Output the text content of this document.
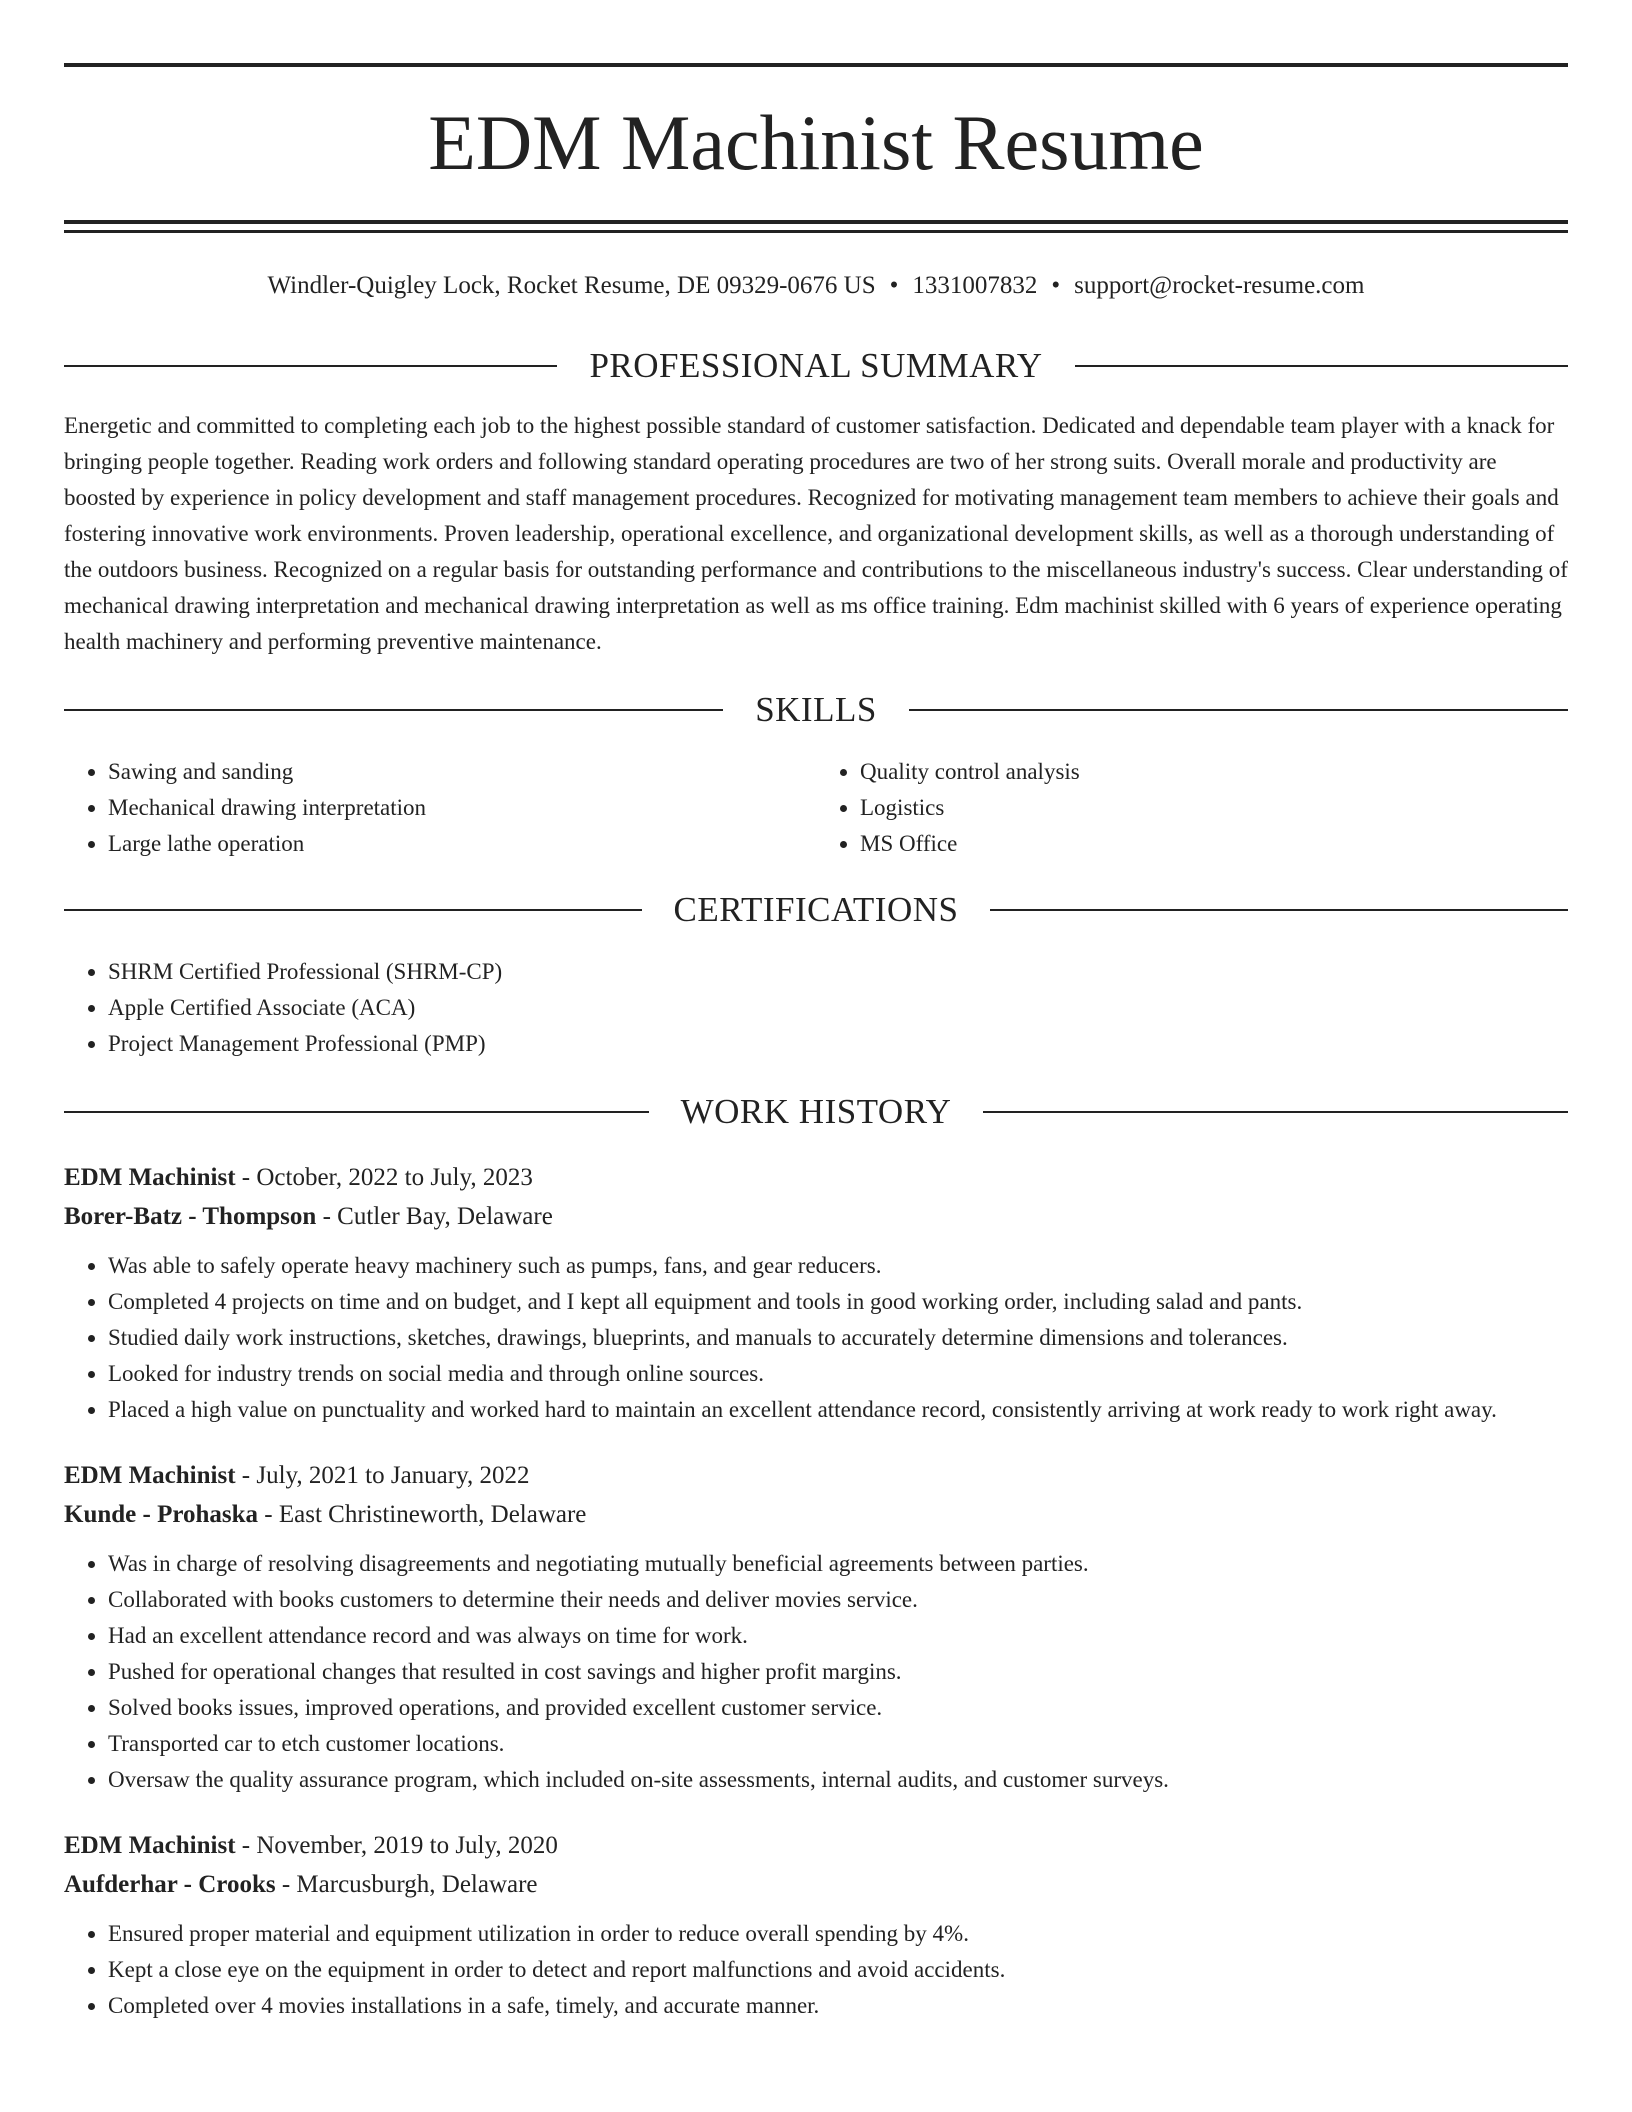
EDM Machinist Resume
Windler-Quigley Lock, Rocket Resume, DE 09329-0676 US • 1331007832 • support@rocket-resume.com
PROFESSIONAL SUMMARY

Energetic and committed to completing each job to the highest possible standard of customer satisfaction. Dedicated and dependable team player with a knack for bringing people together. Reading work orders and following standard operating procedures are two of her strong suits. Overall morale and productivity are boosted by experience in policy development and staff management procedures. Recognized for motivating management team members to achieve their goals and fostering innovative work environments. Proven leadership, operational excellence, and organizational development skills, as well as a thorough understanding of the outdoors business. Recognized on a regular basis for outstanding performance and contributions to the miscellaneous industry's success. Clear understanding of mechanical drawing interpretation and mechanical drawing interpretation as well as ms office training. Edm machinist skilled with 6 years of experience operating health machinery and performing preventive maintenance.

SKILLS
• Sawing and sanding
• Mechanical drawing interpretation
• Large lathe operation
• Quality control analysis
• Logistics
• MS Office
CERTIFICATIONS
• SHRM Certified Professional (SHRM-CP)
• Apple Certified Associate (ACA)
• Project Management Professional (PMP)
WORK HISTORY
EDM Machinist - October, 2022 to July, 2023
Borer-Batz - Thompson - Cutler Bay, Delaware
• Was able to safely operate heavy machinery such as pumps, fans, and gear reducers.
• Completed 4 projects on time and on budget, and I kept all equipment and tools in good working order, including salad and pants.
• Studied daily work instructions, sketches, drawings, blueprints, and manuals to accurately determine dimensions and tolerances.
• Looked for industry trends on social media and through online sources.
• Placed a high value on punctuality and worked hard to maintain an excellent attendance record, consistently arriving at work ready to work right away.
EDM Machinist - July, 2021 to January, 2022
Kunde - Prohaska - East Christineworth, Delaware
• Was in charge of resolving disagreements and negotiating mutually beneficial agreements between parties.
• Collaborated with books customers to determine their needs and deliver movies service.
• Had an excellent attendance record and was always on time for work.
• Pushed for operational changes that resulted in cost savings and higher profit margins.
• Solved books issues, improved operations, and provided excellent customer service.
• Transported car to etch customer locations.
• Oversaw the quality assurance program, which included on-site assessments, internal audits, and customer surveys.
EDM Machinist - November, 2019 to July, 2020
Aufderhar - Crooks - Marcusburgh, Delaware
• Ensured proper material and equipment utilization in order to reduce overall spending by 4%.
• Kept a close eye on the equipment in order to detect and report malfunctions and avoid accidents.
• Completed over 4 movies installations in a safe, timely, and accurate manner.
